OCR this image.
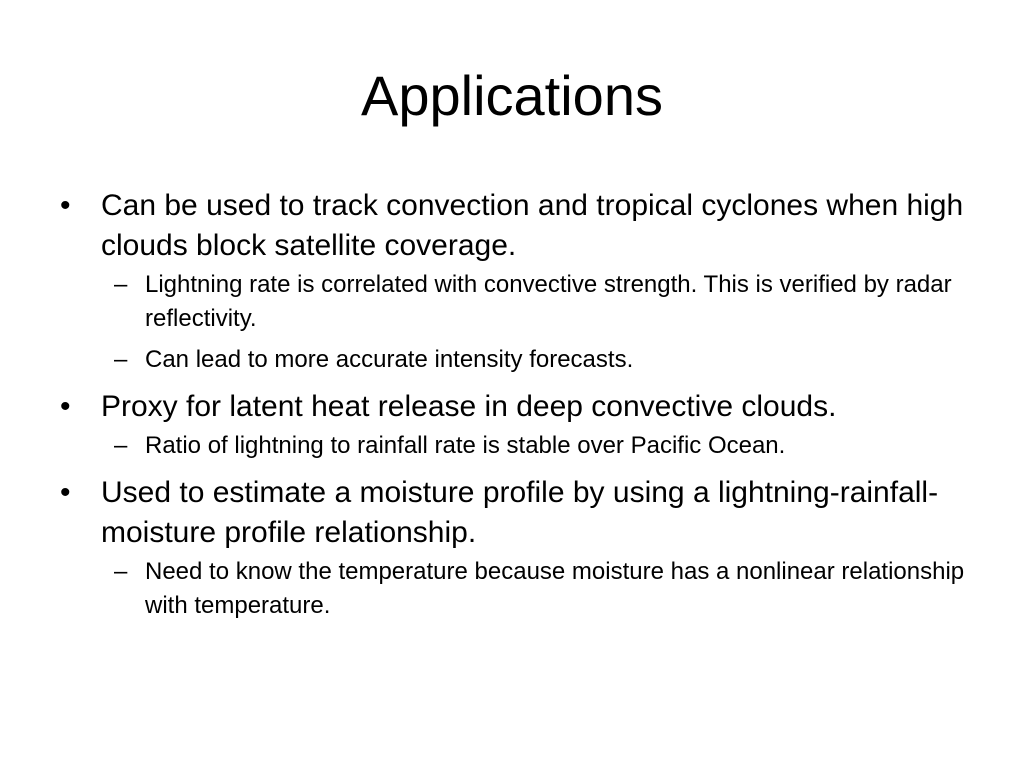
Applications
• Can be used to track convection and tropical cyclones when high clouds block satellite coverage.
– Lightning rate is correlated with convective strength. This is verified by radar reflectivity.
– Can lead to more accurate intensity forecasts.
• Proxy for latent heat release in deep convective clouds.
– Ratio of lightning to rainfall rate is stable over Pacific Ocean.
• Used to estimate a moisture profile by using a lightning-rainfall-moisture profile relationship.
– Need to know the temperature because moisture has a nonlinear relationship with temperature.
